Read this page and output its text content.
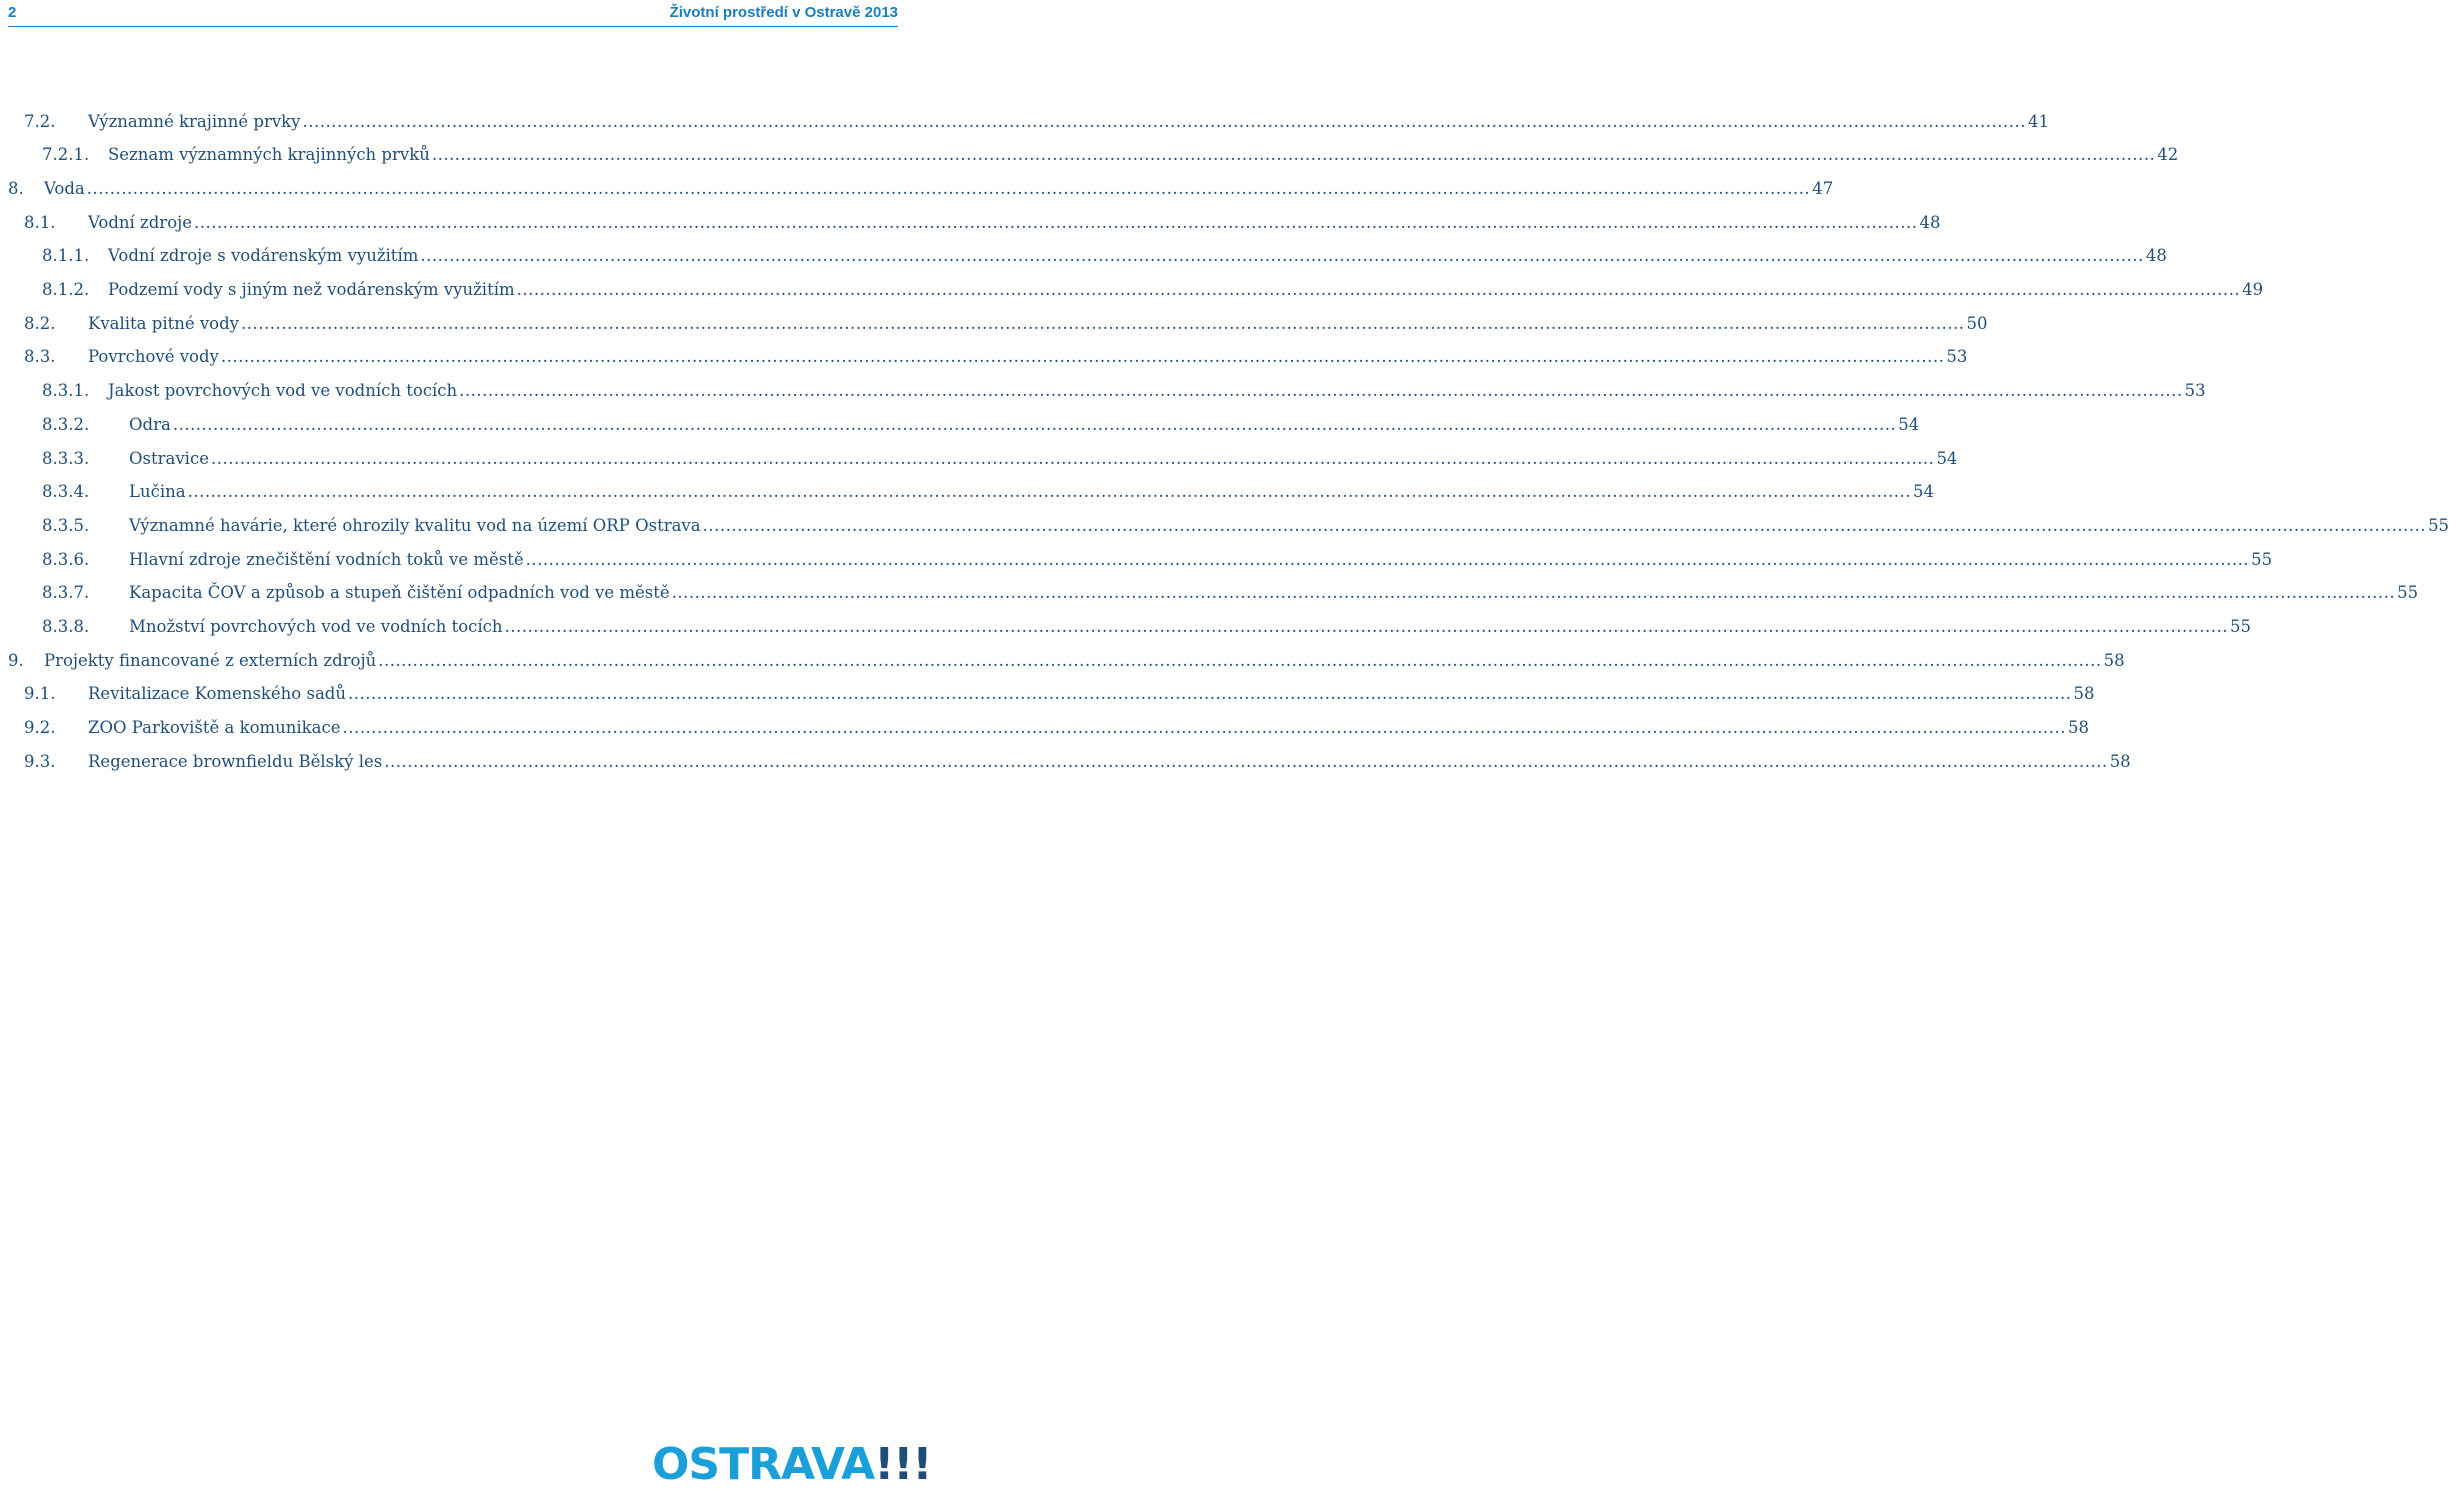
2	Životní prostředí v Ostravě 2013
7.2.	Významné krajinné prvky ............................................................................................................................................................................................................................................................................................................ 41
7.2.1.	Seznam významných krajinných prvků ............................................................................................................................................................................................................................................................................................................ 42
8.	Voda ............................................................................................................................................................................................................................................................................................................ 47
8.1.	Vodní zdroje ............................................................................................................................................................................................................................................................................................................ 48
8.1.1.	Vodní zdroje s vodárenským využitím ............................................................................................................................................................................................................................................................................................................ 48
8.1.2.	Podzemí vody s jiným než vodárenským využitím ............................................................................................................................................................................................................................................................................................................ 49
8.2.	Kvalita pitné vody ............................................................................................................................................................................................................................................................................................................ 50
8.3.	Povrchové vody ............................................................................................................................................................................................................................................................................................................ 53
8.3.1.	Jakost povrchových vod ve vodních tocích ............................................................................................................................................................................................................................................................................................................ 53
8.3.2.	Odra ............................................................................................................................................................................................................................................................................................................ 54
8.3.3.	Ostravice ............................................................................................................................................................................................................................................................................................................ 54
8.3.4.	Lučina ............................................................................................................................................................................................................................................................................................................ 54
8.3.5.	Významné havárie, které ohrozily kvalitu vod na území ORP Ostrava ............................................................................................................................................................................................................................................................................................................ 55
8.3.6.	Hlavní zdroje znečištění vodních toků ve městě ............................................................................................................................................................................................................................................................................................................ 55
8.3.7.	Kapacita ČOV a způsob a stupeň čištění odpadních vod ve městě ............................................................................................................................................................................................................................................................................................................ 55
8.3.8.	Množství povrchových vod ve vodních tocích ............................................................................................................................................................................................................................................................................................................ 55
9.	Projekty financované z externích zdrojů ............................................................................................................................................................................................................................................................................................................ 58
9.1.	Revitalizace Komenského sadů ............................................................................................................................................................................................................................................................................................................ 58
9.2.	ZOO Parkoviště a komunikace ............................................................................................................................................................................................................................................................................................................ 58
9.3.	Regenerace brownfieldu Bělský les ............................................................................................................................................................................................................................................................................................................ 58
OSTRAVA!!!
